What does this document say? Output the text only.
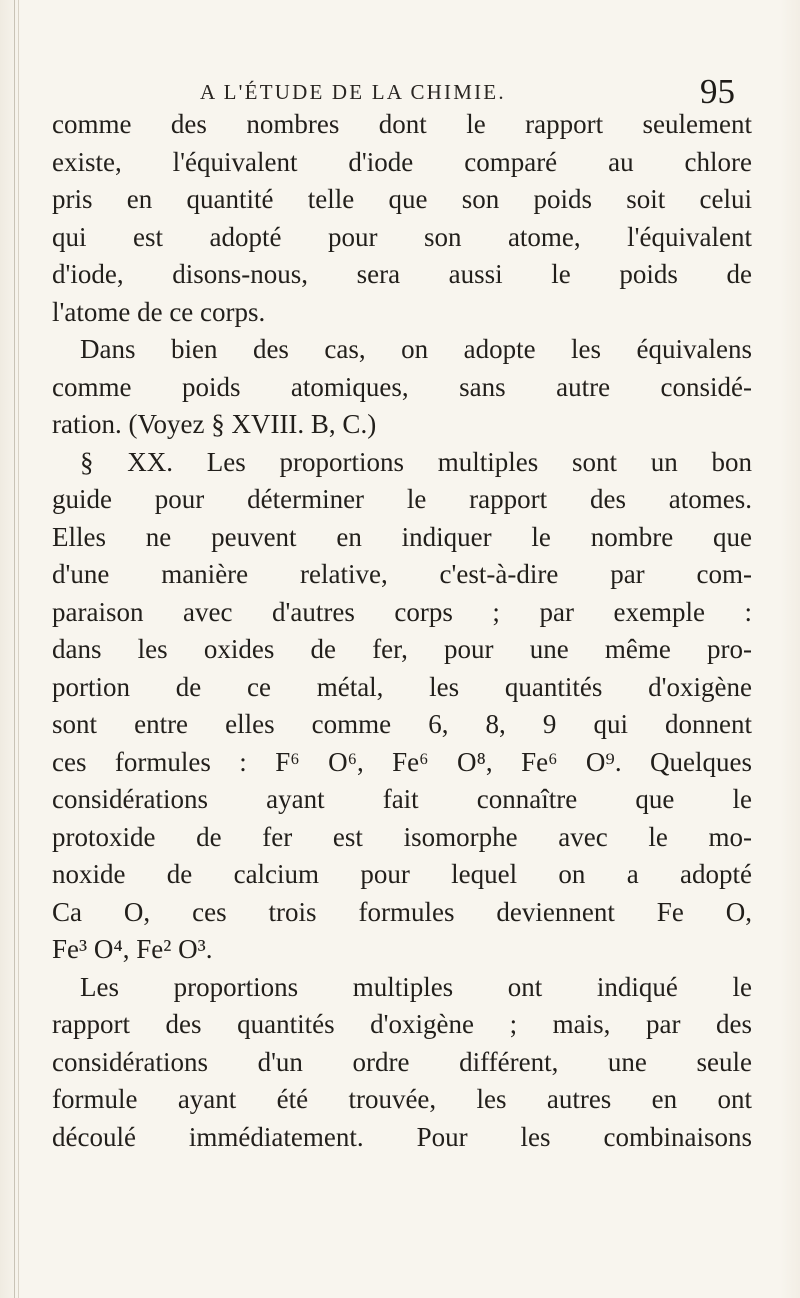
A L'ÉTUDE DE LA CHIMIE.	95
comme des nombres dont le rapport seulement
existe, l'équivalent d'iode comparé au chlore
pris en quantité telle que son poids soit celui
qui est adopté pour son atome, l'équivalent
d'iode, disons-nous, sera aussi le poids de
l'atome de ce corps.
Dans bien des cas, on adopte les équivalens
comme poids atomiques, sans autre considé-
ration. (Voyez § XVIII. B, C.)
§ XX. Les proportions multiples sont un bon
guide pour déterminer le rapport des atomes.
Elles ne peuvent en indiquer le nombre que
d'une manière relative, c'est-à-dire par com-
paraison avec d'autres corps ; par exemple :
dans les oxides de fer, pour une même pro-
portion de ce métal, les quantités d'oxigène
sont entre elles comme 6, 8, 9 qui donnent
ces formules : F⁶ O⁶, Fe⁶ O⁸, Fe⁶ O⁹. Quelques
considérations ayant fait connaître que le
protoxide de fer est isomorphe avec le mo-
noxide de calcium pour lequel on a adopté
Ca O, ces trois formules deviennent Fe O,
Fe³ O⁴, Fe² O³.
Les proportions multiples ont indiqué le
rapport des quantités d'oxigène ; mais, par des
considérations d'un ordre différent, une seule
formule ayant été trouvée, les autres en ont
découlé immédiatement. Pour les combinaisons
